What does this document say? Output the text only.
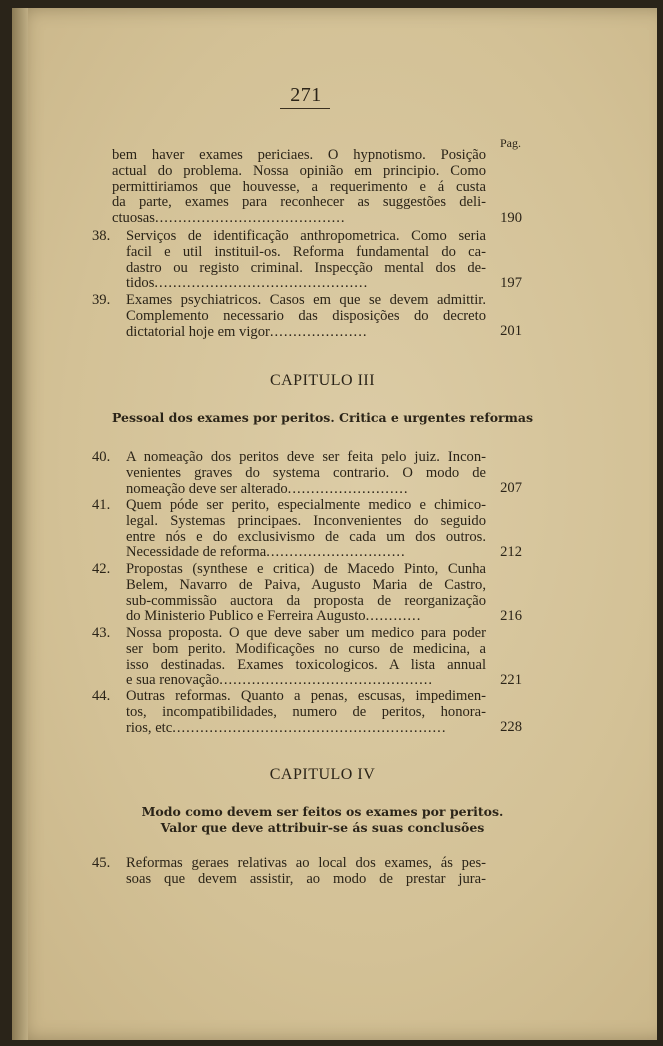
271
Pag.
bem haver exames periciaes. O hypnotismo. Posição
actual do problema. Nossa opinião em principio. Como
permittiriamos que houvesse, a requerimento e á custa
da parte, exames para reconhecer as suggestões deli-
ctuosas.........................................	190
38.	Serviços de identificação anthropometrica. Como seria
facil e util instituil-os. Reforma fundamental do ca-
dastro ou registo criminal. Inspecção mental dos de-
tidos..............................................	197
39.	Exames psychiatricos. Casos em que se devem admittir.
Complemento necessario das disposições do decreto
dictatorial hoje em vigor.....................	201
CAPITULO III
Pessoal dos exames por peritos. Critica e urgentes reformas
40.	A nomeação dos peritos deve ser feita pelo juiz. Incon-
venientes graves do systema contrario. O modo de
nomeação deve ser alterado..........................	207
41.	Quem póde ser perito, especialmente medico e chimico-
legal. Systemas principaes. Inconvenientes do seguido
entre nós e do exclusivismo de cada um dos outros.
Necessidade de reforma..............................	212
42.	Propostas (synthese e critica) de Macedo Pinto, Cunha
Belem, Navarro de Paiva, Augusto Maria de Castro,
sub-commissão auctora da proposta de reorganização
do Ministerio Publico e Ferreira Augusto............	216
43.	Nossa proposta. O que deve saber um medico para poder
ser bom perito. Modificações no curso de medicina, a
isso destinadas. Exames toxicologicos. A lista annual
e sua renovação..............................................	221
44.	Outras reformas. Quanto a penas, escusas, impedimen-
tos, incompatibilidades, numero de peritos, honora-
rios, etc...........................................................	228
CAPITULO IV
Modo como devem ser feitos os exames por peritos.
Valor que deve attribuir-se ás suas conclusões
45.	Reformas geraes relativas ao local dos exames, ás pes-
soas que devem assistir, ao modo de prestar jura-
